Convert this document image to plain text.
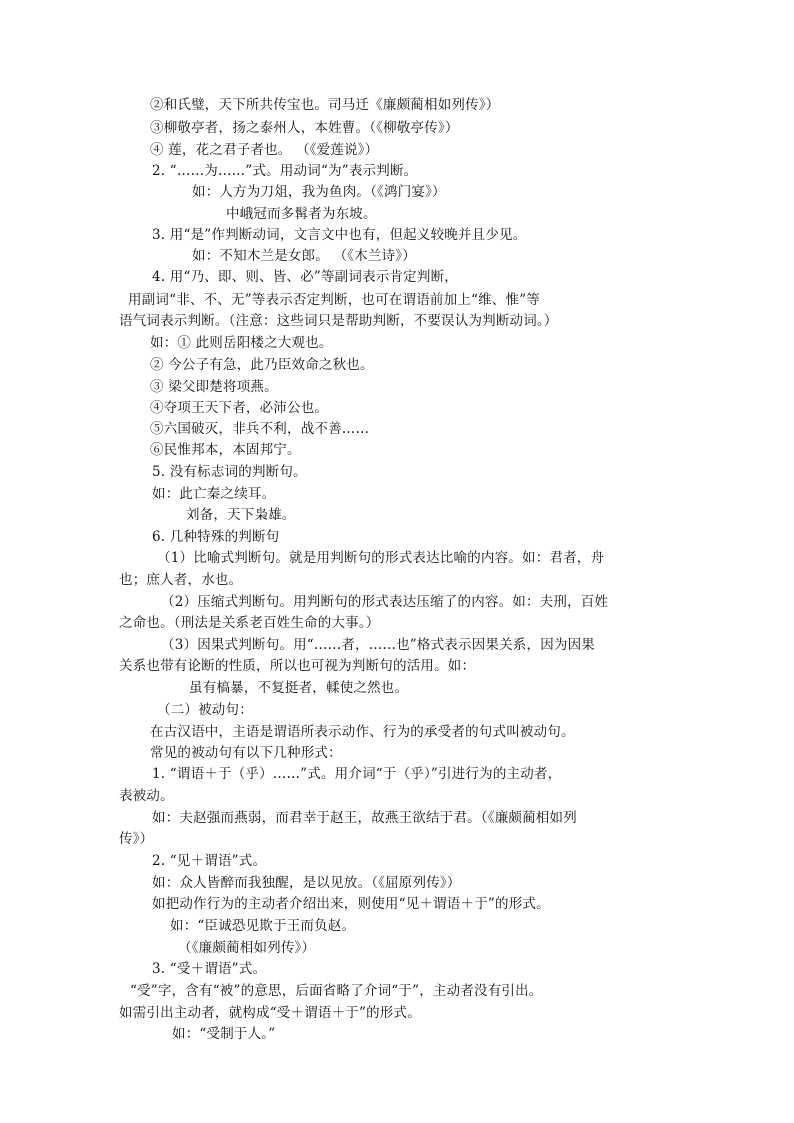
②和氏璧，天下所共传宝也。司马迁《廉颇蔺相如列传》）
③柳敬亭者，扬之泰州人，本姓曹。（《柳敬亭传》）
④ 莲，花之君子者也。 （《爱莲说》）
2. “……为……”式。用动词“为”表示判断。
如：人方为刀俎，我为鱼肉。（《鸿门宴》）
中峨冠而多髯者为东坡。
3. 用“是”作判断动词，文言文中也有，但起义较晚并且少见。
如：不知木兰是女郎。 （《木兰诗》）
4. 用“乃、即、则、皆、必”等副词表示肯定判断，
用副词“非、不、无”等表示否定判断，也可在谓语前加上“维、惟”等
语气词表示判断。（注意：这些词只是帮助判断，不要误认为判断动词。）
如：① 此则岳阳楼之大观也。
② 今公子有急，此乃臣效命之秋也。
③ 梁父即楚将项燕。
④夺项王天下者，必沛公也。
⑤六国破灭，非兵不利，战不善……
⑥民惟邦本，本固邦宁。
5. 没有标志词的判断句。
如：此亡秦之续耳。
刘备，天下枭雄。
6. 几种特殊的判断句
（1）比喻式判断句。就是用判断句的形式表达比喻的内容。如：君者，舟
也；庶人者，水也。
（2）压缩式判断句。用判断句的形式表达压缩了的内容。如：夫刑，百姓
之命也。（刑法是关系老百姓生命的大事。）
（3）因果式判断句。用“……者，……也”格式表示因果关系，因为因果
关系也带有论断的性质，所以也可视为判断句的活用。如：
虽有槁暴，不复挺者，輮使之然也。
（二）被动句：
在古汉语中，主语是谓语所表示动作、行为的承受者的句式叫被动句。
常见的被动句有以下几种形式：
1. “谓语＋于（乎）……”式。用介词“于（乎）”引进行为的主动者，
表被动。
如：夫赵强而燕弱，而君幸于赵王，故燕王欲结于君。（《廉颇蔺相如列
传》）
2. “见＋谓语”式。
如：众人皆醉而我独醒，是以见放。（《屈原列传》）
如把动作行为的主动者介绍出来，则使用“见＋谓语＋于”的形式。
如：“臣诚恐见欺于王而负赵。
（《廉颇蔺相如列传》）
3. “受＋谓语”式。
“受”字，含有“被”的意思，后面省略了介词“于”，主动者没有引出。
如需引出主动者，就构成“受＋谓语＋于”的形式。
如：“受制于人。”
